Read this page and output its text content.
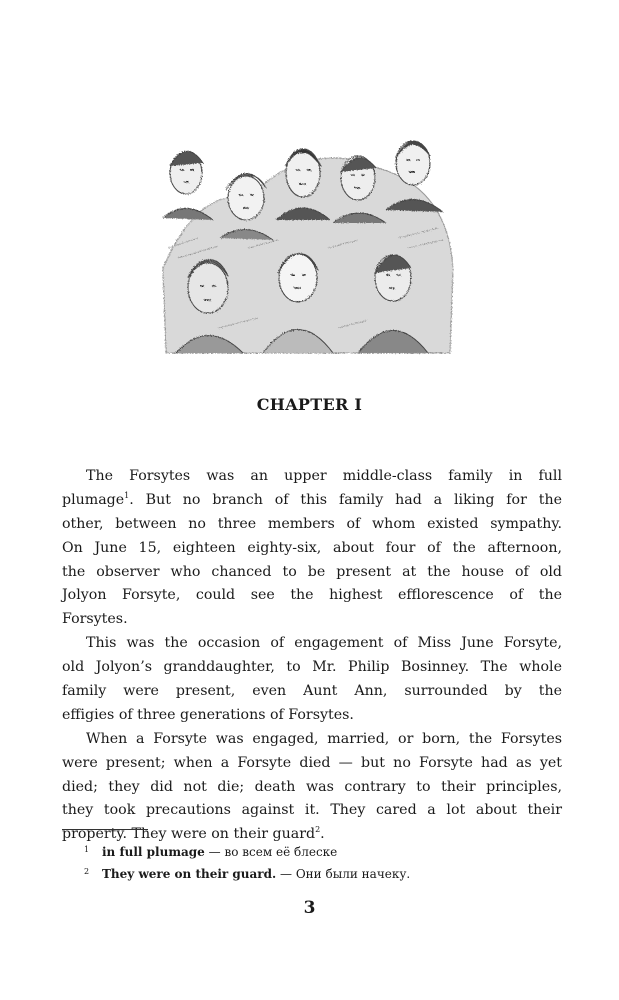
CHAPTER I
The Forsytes was an upper middle-class family in full
plumage$^1$. But no branch of this family had a liking for the
other, between no three members of whom existed sympathy.
On June 15, eighteen eighty-six, about four of the afternoon,
the observer who chanced to be present at the house of old
Jolyon Forsyte, could see the highest efflorescence of the
Forsytes.
This was the occasion of engagement of Miss June Forsyte,
old Jolyon’s granddaughter, to Mr. Philip Bosinney. The whole
family were present, even Aunt Ann, surrounded by the
effigies of three generations of Forsytes.
When a Forsyte was engaged, married, or born, the Forsytes
were present; when a Forsyte died — but no Forsyte had as yet
died; they did not die; death was contrary to their principles,
they took precautions against it. They cared a lot about their
property. They were on their guard$^2$.
1 in full plumage — во всем её блеске
2 They were on their guard. — Они были начеку.
3
